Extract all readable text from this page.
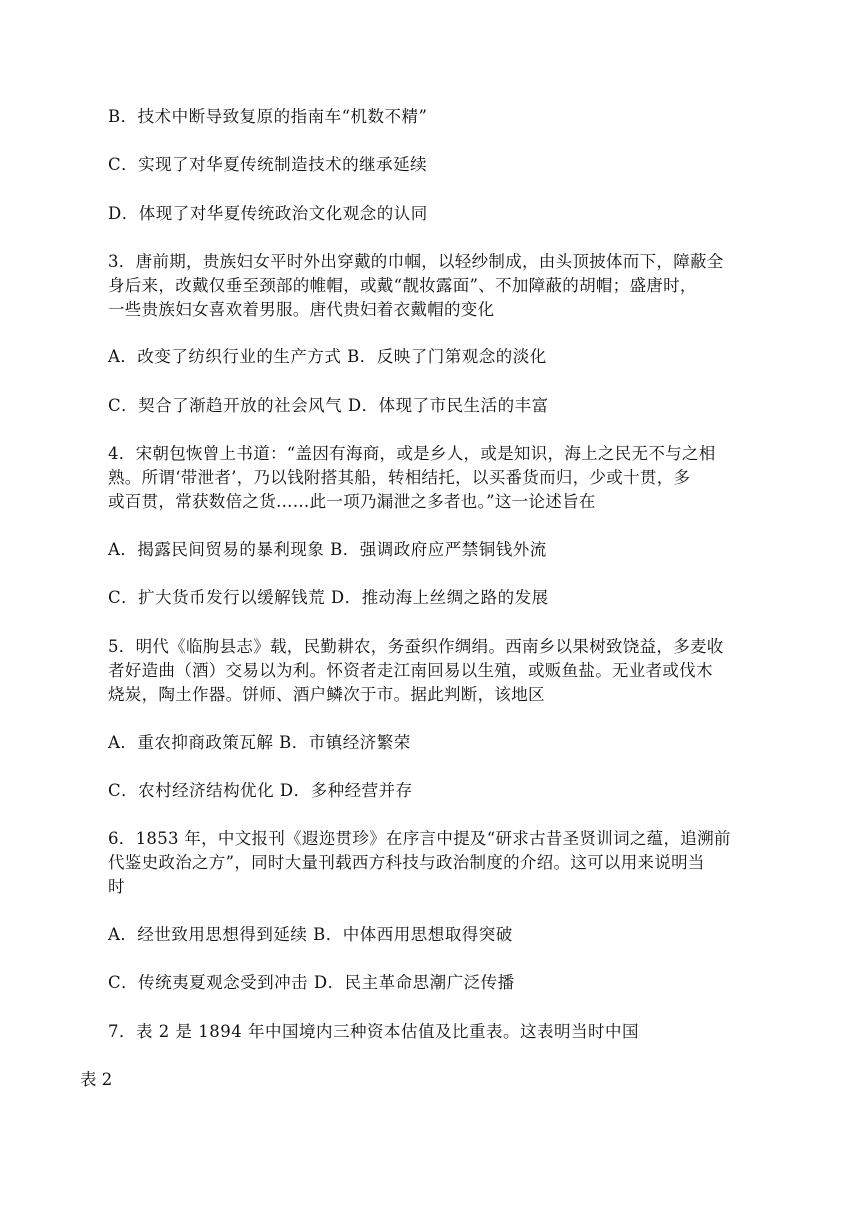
B．技术中断导致复原的指南车“机数不精”
C．实现了对华夏传统制造技术的继承延续
D．体现了对华夏传统政治文化观念的认同
3．唐前期，贵族妇女平时外出穿戴的巾帼，以轻纱制成，由头顶披体而下，障蔽全
身后来，改戴仅垂至颈部的帷帽，或戴“靓妆露面”、不加障蔽的胡帽；盛唐时，
一些贵族妇女喜欢着男服。唐代贵妇着衣戴帽的变化
A．改变了纺织行业的生产方式 B．反映了门第观念的淡化
C．契合了渐趋开放的社会风气 D．体现了市民生活的丰富
4．宋朝包恢曾上书道：“盖因有海商，或是乡人，或是知识，海上之民无不与之相
熟。所谓‘带泄者’，乃以钱附搭其船，转相结托，以买番货而归，少或十贯，多
或百贯，常获数倍之货……此一项乃漏泄之多者也。”这一论述旨在
A．揭露民间贸易的暴利现象 B．强调政府应严禁铜钱外流
C．扩大货币发行以缓解钱荒 D．推动海上丝绸之路的发展
5．明代《临朐县志》载，民勤耕农，务蚕织作绸绢。西南乡以果树致饶益，多麦收
者好造曲（酒）交易以为利。怀资者走江南回易以生殖，或贩鱼盐。无业者或伐木
烧炭，陶土作器。饼师、酒户鳞次于市。据此判断，该地区
A．重农抑商政策瓦解 B．市镇经济繁荣
C．农村经济结构优化 D．多种经营并存
6．1853 年，中文报刊《遐迩贯珍》在序言中提及“研求古昔圣贤训词之蕴，追溯前
代鉴史政治之方”，同时大量刊载西方科技与政治制度的介绍。这可以用来说明当
时
A．经世致用思想得到延续 B．中体西用思想取得突破
C．传统夷夏观念受到冲击 D．民主革命思潮广泛传播
7．表 2 是 1894 年中国境内三种资本估值及比重表。这表明当时中国
表 2
